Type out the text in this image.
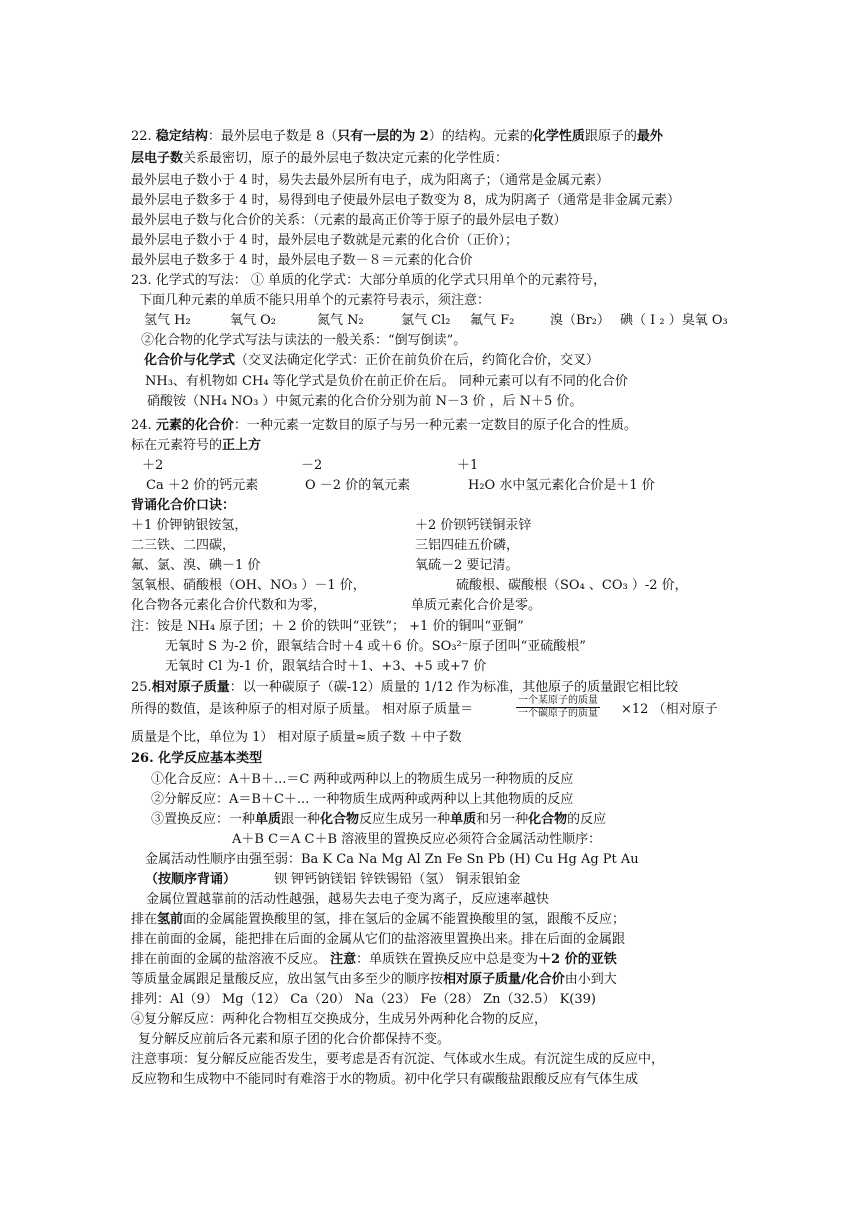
22. 稳定结构：最外层电子数是 8（只有一层的为 2）的结构。元素的化学性质跟原子的最外
层电子数关系最密切，原子的最外层电子数决定元素的化学性质：
最外层电子数小于 4 时，易失去最外层所有电子，成为阳离子；（通常是金属元素）
最外层电子数多于 4 时，易得到电子使最外层电子数变为 8，成为阴离子（通常是非金属元素）
最外层电子数与化合价的关系：（元素的最高正价等于原子的最外层电子数）
最外层电子数小于 4 时，最外层电子数就是元素的化合价（正价）；
最外层电子数多于 4 时，最外层电子数－８＝元素的化合价
23. 化学式的写法： ① 单质的化学式：大部分单质的化学式只用单个的元素符号，
下面几种元素的单质不能只用单个的元素符号表示，须注意：
氢气 H₂	氧气 O₂	氮气 N₂	氯气 Cl₂ 氟气 F₂	溴（Br₂） 碘（ I ₂ ）臭氧 O₃
②化合物的化学式写法与读法的一般关系：“倒写倒读”。
化合价与化学式（交叉法确定化学式：正价在前负价在后，约简化合价，交叉）
NH₃、有机物如 CH₄ 等化学式是负价在前正价在后。 同种元素可以有不同的化合价
硝酸铵（NH₄ NO₃ ）中氮元素的化合价分别为前 N－3 价 ，后 N＋5 价。
24. 元素的化合价：一种元素一定数目的原子与另一种元素一定数目的原子化合的性质。
标在元素符号的正上方
＋2	－2	＋1
Ca ＋2 价的钙元素	O －2 价的氧元素	H₂O 水中氢元素化合价是＋1 价
背诵化合价口诀：
＋1 价钾钠银铵氢，	＋2 价钡钙镁铜汞锌
二三铁、二四碳，	三铝四硅五价磷，
氟、氯、溴、碘－1 价	氧硫－2 要记清。
氢氧根、硝酸根（OH、NO₃ ）－1 价，	硫酸根、碳酸根（SO₄ 、CO₃ ）-2 价，
化合物各元素化合价代数和为零，	单质元素化合价是零。
注：铵是 NH₄ 原子团；＋ 2 价的铁叫“亚铁”； +1 价的铜叫“亚铜”
无氧时 S 为-2 价，跟氧结合时＋4 或＋6 价。SO₃²⁻原子团叫“亚硫酸根”
无氧时 Cl 为-1 价，跟氧结合时＋1、+3、+5 或+7 价
25.相对原子质量：以一种碳原子（碳-12）质量的 1/12 作为标准，其他原子的质量跟它相比较
所得的数值，是该种原子的相对原子质量。 相对原子质量＝
一个某原子的质量
一个碳原子的质量 ×12 （相对原子
质量是个比，单位为 1） 相对原子质量≈质子数 ＋中子数
26. 化学反应基本类型
①化合反应：A＋B＋...＝C 两种或两种以上的物质生成另一种物质的反应
②分解反应：A＝B＋C＋... 一种物质生成两种或两种以上其他物质的反应
③置换反应：一种单质跟一种化合物反应生成另一种单质和另一种化合物的反应
A＋B C＝A C＋B 溶液里的置换反应必须符合金属活动性顺序：
金属活动性顺序由强至弱：Ba K Ca Na Mg Al Zn Fe Sn Pb (H) Cu Hg Ag Pt Au
（按顺序背诵）	钡 钾钙钠镁铝 锌铁锡铅（氢） 铜汞银铂金
金属位置越靠前的活动性越强，越易失去电子变为离子，反应速率越快
排在氢前面的金属能置换酸里的氢，排在氢后的金属不能置换酸里的氢，跟酸不反应；
排在前面的金属，能把排在后面的金属从它们的盐溶液里置换出来。排在后面的金属跟
排在前面的金属的盐溶液不反应。 注意：单质铁在置换反应中总是变为＋2 价的亚铁
等质量金属跟足量酸反应，放出氢气由多至少的顺序按相对原子质量/化合价由小到大
排列：Al（9） Mg（12） Ca（20） Na（23） Fe（28） Zn（32.5） K(39)
④复分解反应：两种化合物相互交换成分，生成另外两种化合物的反应，
复分解反应前后各元素和原子团的化合价都保持不变。
注意事项：复分解反应能否发生，要考虑是否有沉淀、气体或水生成。有沉淀生成的反应中，
反应物和生成物中不能同时有难溶于水的物质。初中化学只有碳酸盐跟酸反应有气体生成
